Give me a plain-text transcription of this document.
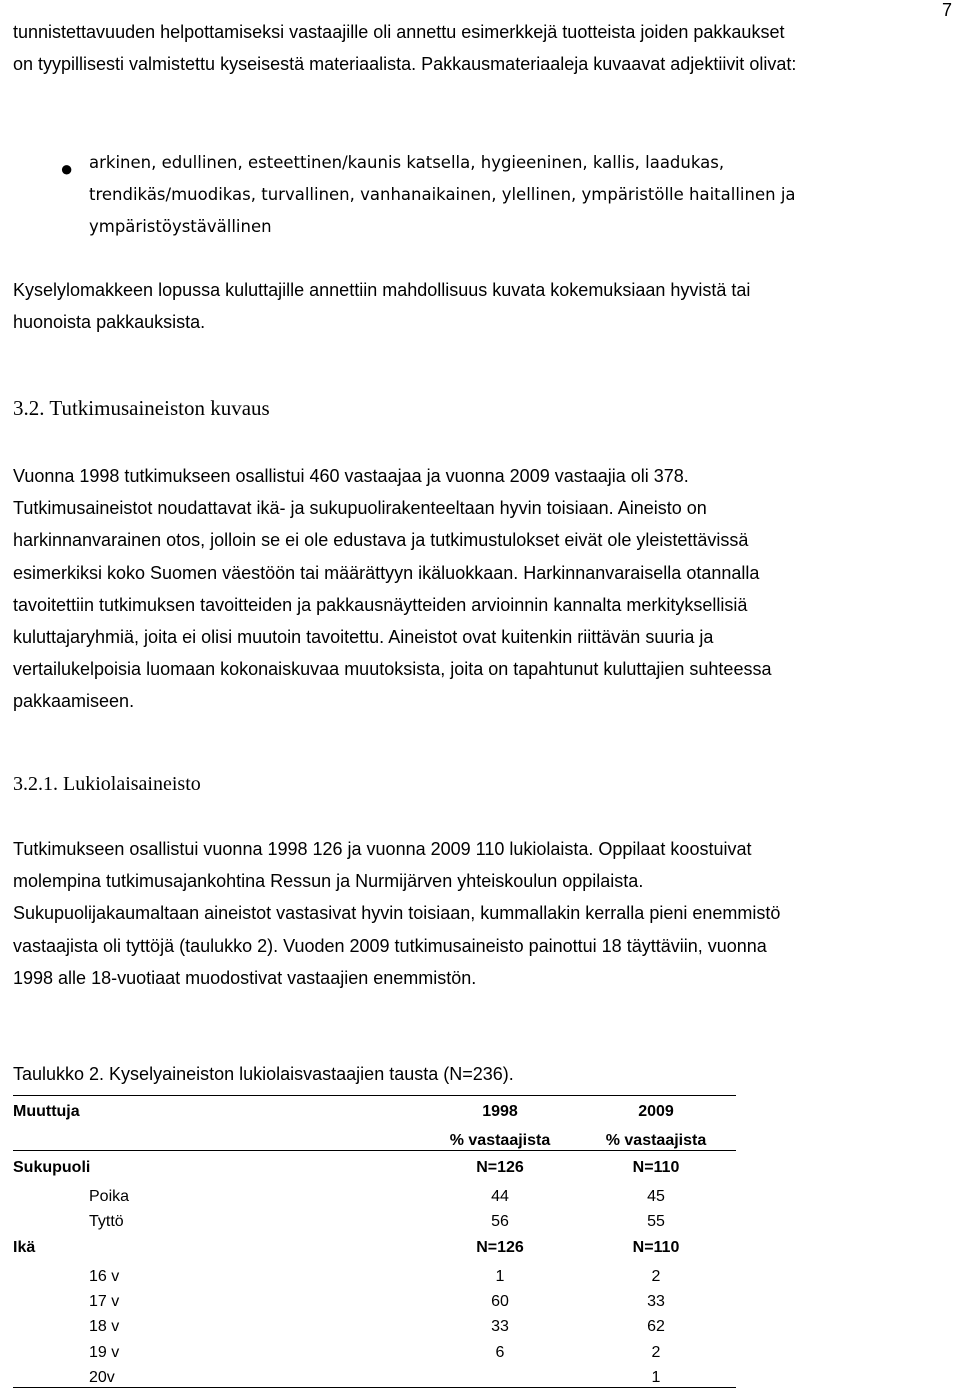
7

tunnistettavuuden helpottamiseksi vastaajille oli annettu esimerkkejä tuotteista joiden pakkaukset
on tyypillisesti valmistettu kyseisestä materiaalista. Pakkausmateriaaleja kuvaavat adjektiivit olivat:

● arkinen, edullinen, esteettinen/kaunis katsella, hygieeninen, kallis, laadukas,
trendikäs/muodikas, turvallinen, vanhanaikainen, ylellinen, ympäristölle haitallinen ja
ympäristöystävällinen

Kyselylomakkeen lopussa kuluttajille annettiin mahdollisuus kuvata kokemuksiaan hyvistä tai
huonoista pakkauksista.

3.2. Tutkimusaineiston kuvaus

Vuonna 1998 tutkimukseen osallistui 460 vastaajaa ja vuonna 2009 vastaajia oli 378.
Tutkimusaineistot noudattavat ikä- ja sukupuolirakenteeltaan hyvin toisiaan. Aineisto on
harkinnanvarainen otos, jolloin se ei ole edustava ja tutkimustulokset eivät ole yleistettävissä
esimerkiksi koko Suomen väestöön tai määrättyyn ikäluokkaan. Harkinnanvaraisella otannalla
tavoitettiin tutkimuksen tavoitteiden ja pakkausnäytteiden arvioinnin kannalta merkityksellisiä
kuluttajaryhmiä, joita ei olisi muutoin tavoitettu. Aineistot ovat kuitenkin riittävän suuria ja
vertailukelpoisia luomaan kokonaiskuvaa muutoksista, joita on tapahtunut kuluttajien suhteessa
pakkaamiseen.

3.2.1. Lukiolaisaineisto

Tutkimukseen osallistui vuonna 1998 126 ja vuonna 2009 110 lukiolaista. Oppilaat koostuivat
molempina tutkimusajankohtina Ressun ja Nurmijärven yhteiskoulun oppilaista.
Sukupuolijakaumaltaan aineistot vastasivat hyvin toisiaan, kummallakin kerralla pieni enemmistö
vastaajista oli tyttöjä (taulukko 2). Vuoden 2009 tutkimusaineisto painottui 18 täyttäviin, vuonna
1998 alle 18-vuotiaat muodostivat vastaajien enemmistön.

Taulukko 2. Kyselyaineiston lukiolaisvastaajien tausta (N=236).

Muuttuja	1998	2009
	% vastaajista	% vastaajista
Sukupuoli	N=126	N=110
Poika	44	45
Tyttö	56	55
Ikä	N=126	N=110
16 v	1	2
17 v	60	33
18 v	33	62
19 v	6	2
20v		1
